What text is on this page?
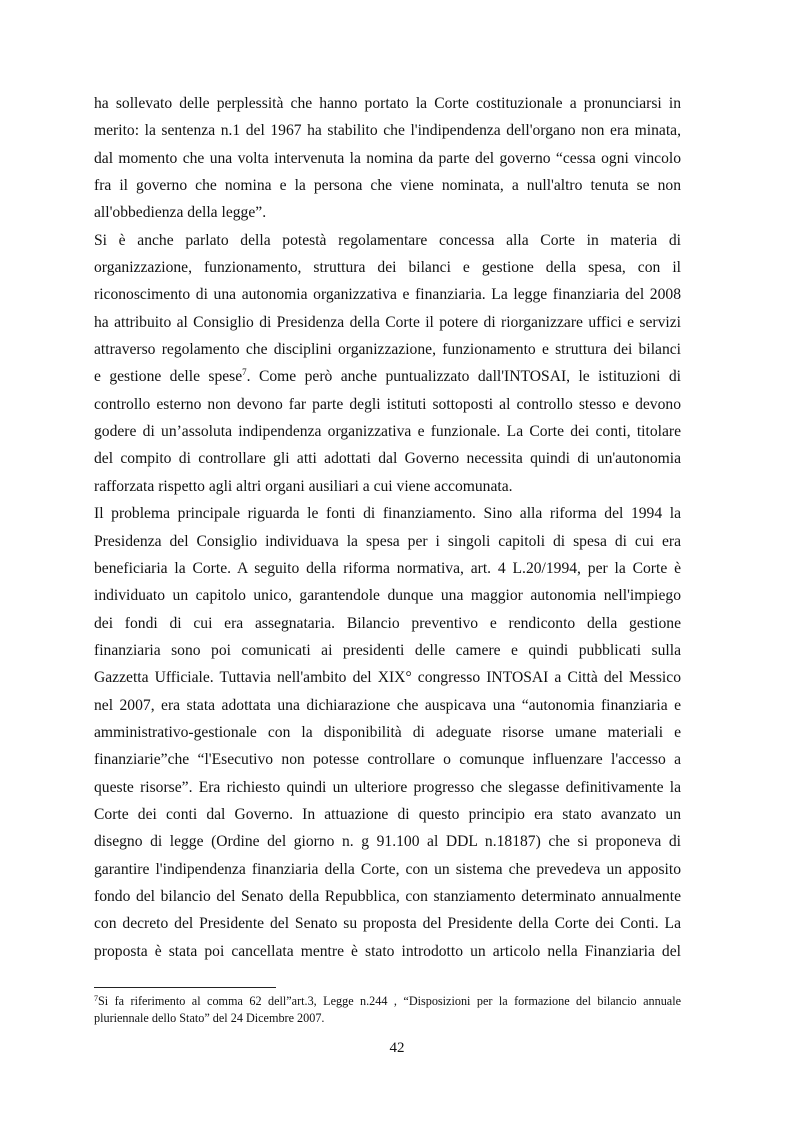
ha sollevato delle perplessità che hanno portato la Corte costituzionale a pronunciarsi in
merito: la sentenza n.1 del 1967 ha stabilito che l'indipendenza dell'organo non era minata,
dal momento che una volta intervenuta la nomina da parte del governo “cessa ogni vincolo
fra il governo che nomina e la persona che viene nominata, a null'altro tenuta se non
all'obbedienza della legge”.
Si è anche parlato della potestà regolamentare concessa alla Corte in materia di
organizzazione, funzionamento, struttura dei bilanci e gestione della spesa, con il
riconoscimento di una autonomia organizzativa e finanziaria. La legge finanziaria del 2008
ha attribuito al Consiglio di Presidenza della Corte il potere di riorganizzare uffici e servizi
attraverso regolamento che disciplini organizzazione, funzionamento e struttura dei bilanci
e gestione delle spese$^7$. Come però anche puntualizzato dall'INTOSAI, le istituzioni di
controllo esterno non devono far parte degli istituti sottoposti al controllo stesso e devono
godere di un’assoluta indipendenza organizzativa e funzionale. La Corte dei conti, titolare
del compito di controllare gli atti adottati dal Governo necessita quindi di un'autonomia
rafforzata rispetto agli altri organi ausiliari a cui viene accomunata.
Il problema principale riguarda le fonti di finanziamento. Sino alla riforma del 1994 la
Presidenza del Consiglio individuava la spesa per i singoli capitoli di spesa di cui era
beneficiaria la Corte. A seguito della riforma normativa, art. 4 L.20/1994, per la Corte è
individuato un capitolo unico, garantendole dunque una maggior autonomia nell'impiego
dei fondi di cui era assegnataria. Bilancio preventivo e rendiconto della gestione
finanziaria sono poi comunicati ai presidenti delle camere e quindi pubblicati sulla
Gazzetta Ufficiale. Tuttavia nell'ambito del XIX° congresso INTOSAI a Città del Messico
nel 2007, era stata adottata una dichiarazione che auspicava una “autonomia finanziaria e
amministrativo-gestionale con la disponibilità di adeguate risorse umane materiali e
finanziarie”che “l'Esecutivo non potesse controllare o comunque influenzare l'accesso a
queste risorse”. Era richiesto quindi un ulteriore progresso che slegasse definitivamente la
Corte dei conti dal Governo. In attuazione di questo principio era stato avanzato un
disegno di legge (Ordine del giorno n. g 91.100 al DDL n.18187) che si proponeva di
garantire l'indipendenza finanziaria della Corte, con un sistema che prevedeva un apposito
fondo del bilancio del Senato della Repubblica, con stanziamento determinato annualmente
con decreto del Presidente del Senato su proposta del Presidente della Corte dei Conti. La
proposta è stata poi cancellata mentre è stato introdotto un articolo nella Finanziaria del
$^7$Si fa riferimento al comma 62 dell”art.3, Legge n.244 , “Disposizioni per la formazione del bilancio annuale
pluriennale dello Stato” del 24 Dicembre 2007.
42
